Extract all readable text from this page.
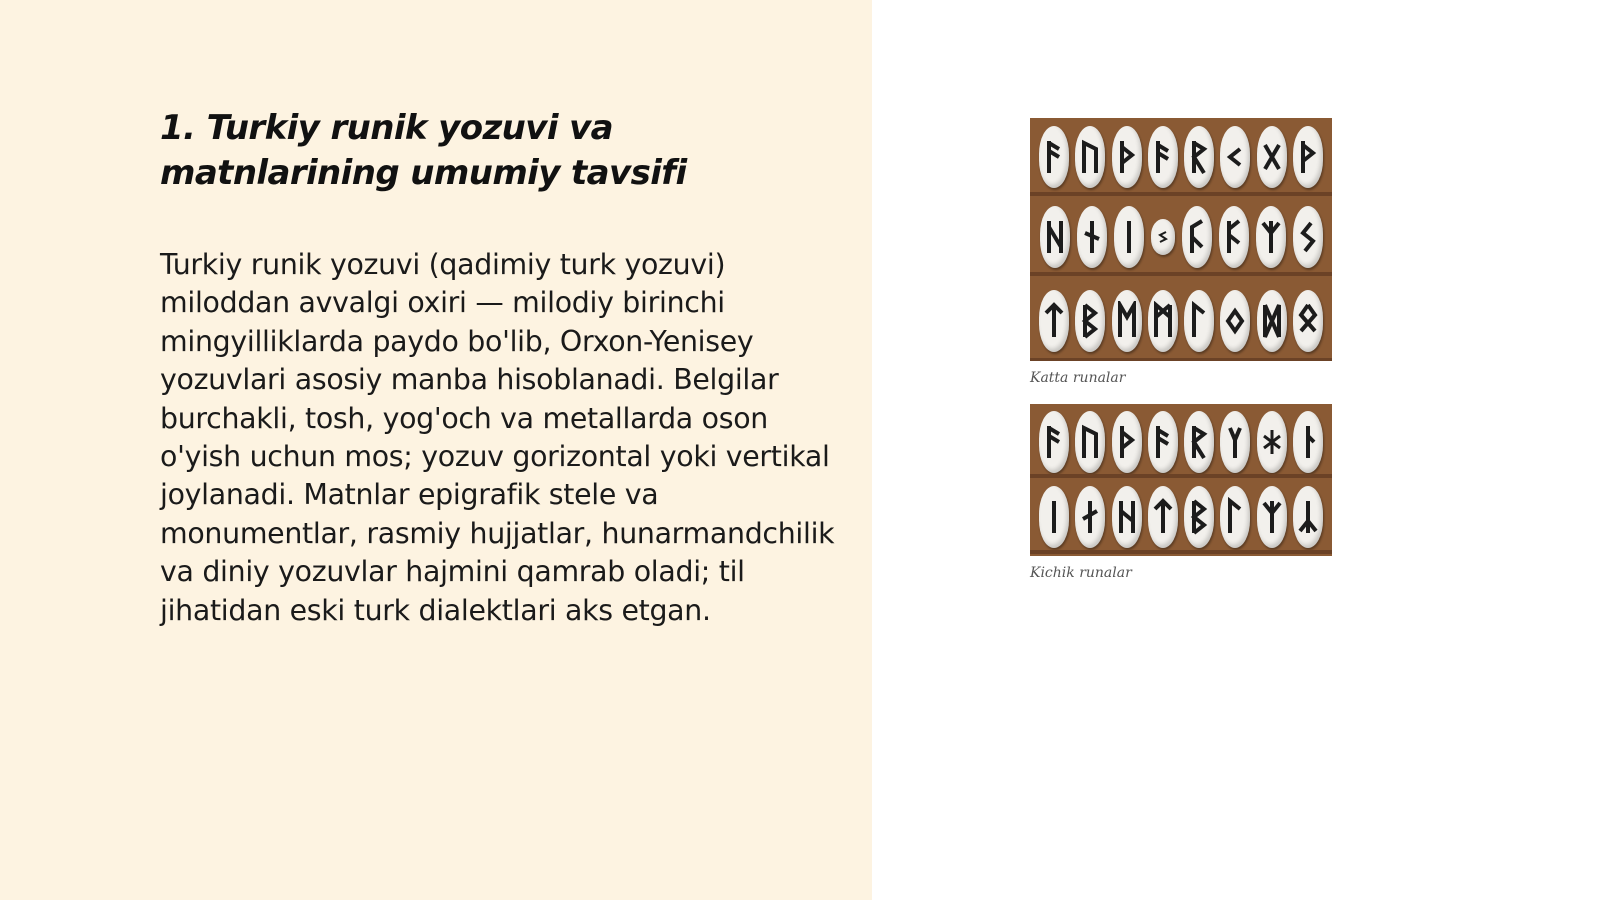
1. Turkiy runik yozuvi va matnlarining umumiy tavsifi

Turkiy runik yozuvi (qadimiy turk yozuvi) miloddan avvalgi oxiri — milodiy birinchi mingyilliklarda paydo bo'lib, Orxon-Yenisey yozuvlari asosiy manba hisoblanadi. Belgilar burchakli, tosh, yog'och va metallarda oson o'yish uchun mos; yozuv gorizontal yoki vertikal joylanadi. Matnlar epigrafik stele va monumentlar, rasmiy hujjatlar, hunarmandchilik va diniy yozuvlar hajmini qamrab oladi; til jihatidan eski turk dialektlari aks etgan.

Katta runalar
Kichik runalar
